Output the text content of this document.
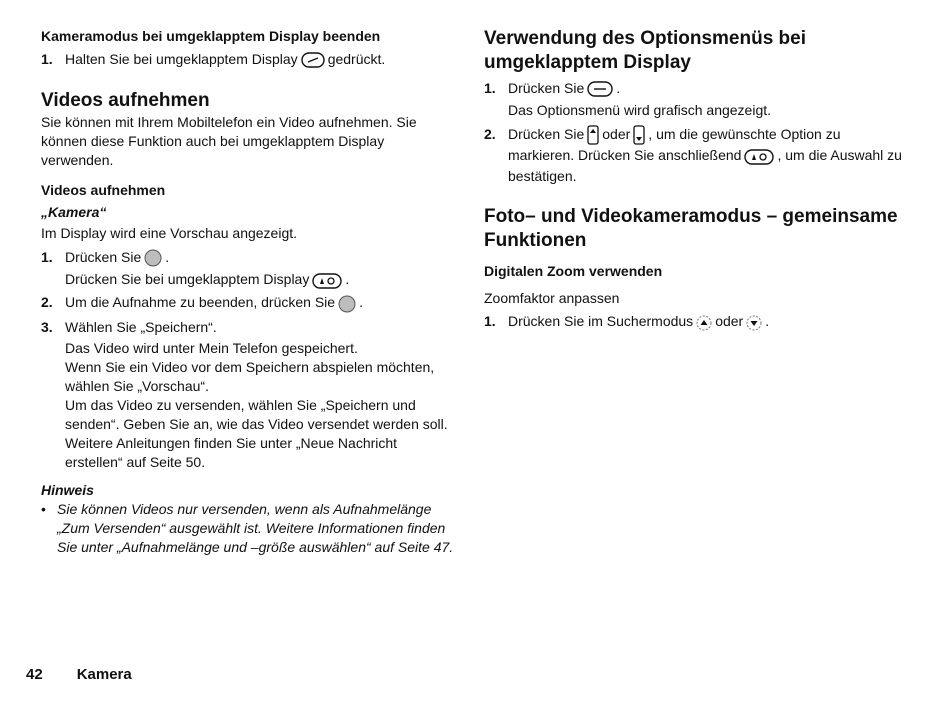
Kameramodus bei umgeklapptem Display beenden

1. Halten Sie bei umgeklapptem Display gedrückt.

Videos aufnehmen

Sie können mit Ihrem Mobiltelefon ein Video aufnehmen. Sie können diese Funktion auch bei umgeklapptem Display verwenden.

Videos aufnehmen

„Kamera“

Im Display wird eine Vorschau angezeigt.

1. Drücken Sie .
Drücken Sie bei umgeklapptem Display	.
2. Um die Aufnahme zu beenden, drücken Sie .
3. Wählen Sie „Speichern“.

Das Video wird unter Mein Telefon gespeichert.

Wenn Sie ein Video vor dem Speichern abspielen möchten, wählen Sie „Vorschau“.

Um das Video zu versenden, wählen Sie „Speichern und senden“. Geben Sie an, wie das Video versendet werden soll. Weitere Anleitungen finden Sie unter „Neue Nachricht erstellen“ auf Seite 50.

Hinweis

• Sie können Videos nur versenden, wenn als Aufnahmelänge „Zum Versenden“ ausgewählt ist. Weitere Informationen finden Sie unter „Aufnahmelänge und –größe auswählen“ auf Seite 47.

Verwendung des Optionsmenüs bei umgeklapptem Display

1. Drücken Sie .

Das Optionsmenü wird grafisch angezeigt.

2. Drücken Sie oder , um die gewünschte Option zu markieren. Drücken Sie anschließend	, um die Auswahl zu bestätigen.

Foto– und Videokameramodus – gemeinsame Funktionen

Digitalen Zoom verwenden

Zoomfaktor anpassen

1. Drücken Sie im Suchermodus oder .
42 Kamera
